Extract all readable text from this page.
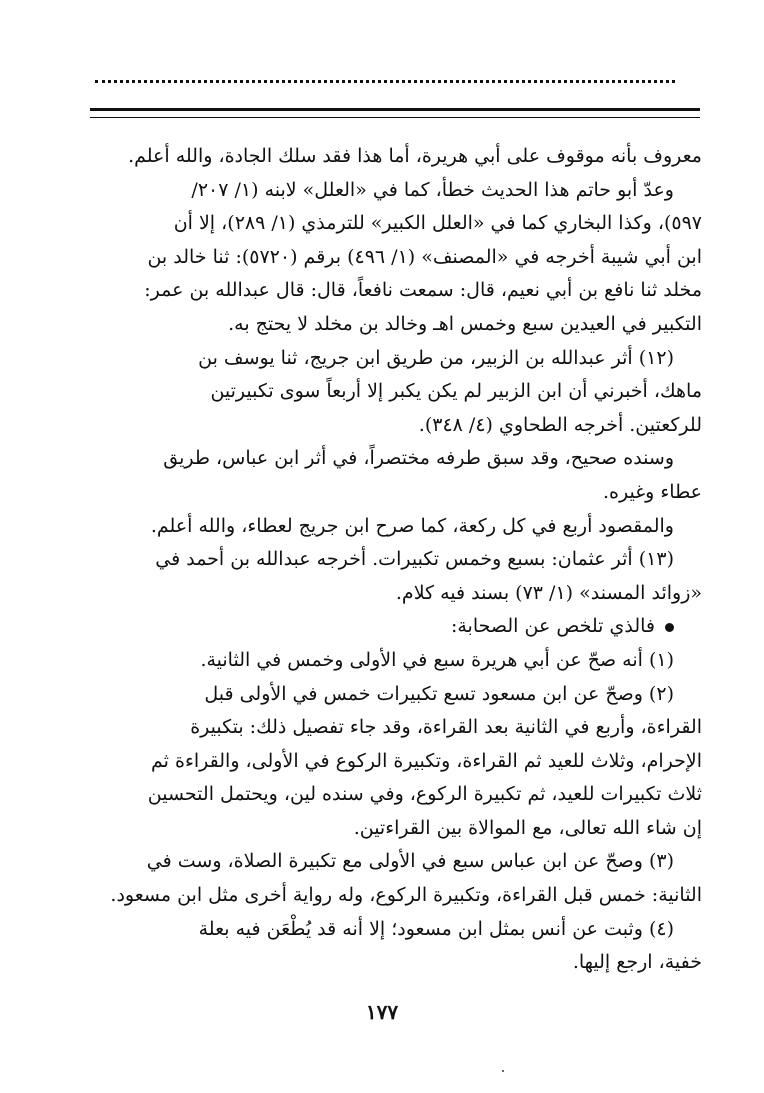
معروف بأنه موقوف على أبي هريرة، أما هذا فقد سلك الجادة، والله أعلم.
وعدّ أبو حاتم هذا الحديث خطأ، كما في «العلل» لابنه (١/ ٢٠٧/
٥٩٧)، وكذا البخاري كما في «العلل الكبير» للترمذي (١/ ٢٨٩)، إلا أن
ابن أبي شيبة أخرجه في «المصنف» (١/ ٤٩٦) برقم (٥٧٢٠): ثنا خالد بن
مخلد ثنا نافع بن أبي نعيم، قال: سمعت نافعاً، قال: قال عبدالله بن عمر:
التكبير في العيدين سبع وخمس اهـ وخالد بن مخلد لا يحتج به.
(١٢) أثر عبدالله بن الزبير، من طريق ابن جريج، ثنا يوسف بن
ماهك، أخبرني أن ابن الزبير لم يكن يكبر إلا أربعاً سوى تكبيرتين
للركعتين. أخرجه الطحاوي (٤/ ٣٤٨).
وسنده صحيح، وقد سبق طرفه مختصراً، في أثر ابن عباس، طريق
عطاء وغيره.
والمقصود أربع في كل ركعة، كما صرح ابن جريج لعطاء، والله أعلم.
(١٣) أثر عثمان: بسبع وخمس تكبيرات. أخرجه عبدالله بن أحمد في
«زوائد المسند» (١/ ٧٣) بسند فيه كلام.
فالذي تلخص عن الصحابة:
(١) أنه صحّ عن أبي هريرة سبع في الأولى وخمس في الثانية.
(٢) وصحّ عن ابن مسعود تسع تكبيرات خمس في الأولى قبل
القراءة، وأربع في الثانية بعد القراءة، وقد جاء تفصيل ذلك: بتكبيرة
الإحرام، وثلاث للعيد ثم القراءة، وتكبيرة الركوع في الأولى، والقراءة ثم
ثلاث تكبيرات للعيد، ثم تكبيرة الركوع، وفي سنده لين، ويحتمل التحسين
إن شاء الله تعالى، مع الموالاة بين القراءتين.
(٣) وصحّ عن ابن عباس سبع في الأولى مع تكبيرة الصلاة، وست في
الثانية: خمس قبل القراءة، وتكبيرة الركوع، وله رواية أخرى مثل ابن مسعود.
(٤) وثبت عن أنس بمثل ابن مسعود؛ إلا أنه قد يُطْعَن فيه بعلة
خفية، ارجع إليها.
١٧٧
